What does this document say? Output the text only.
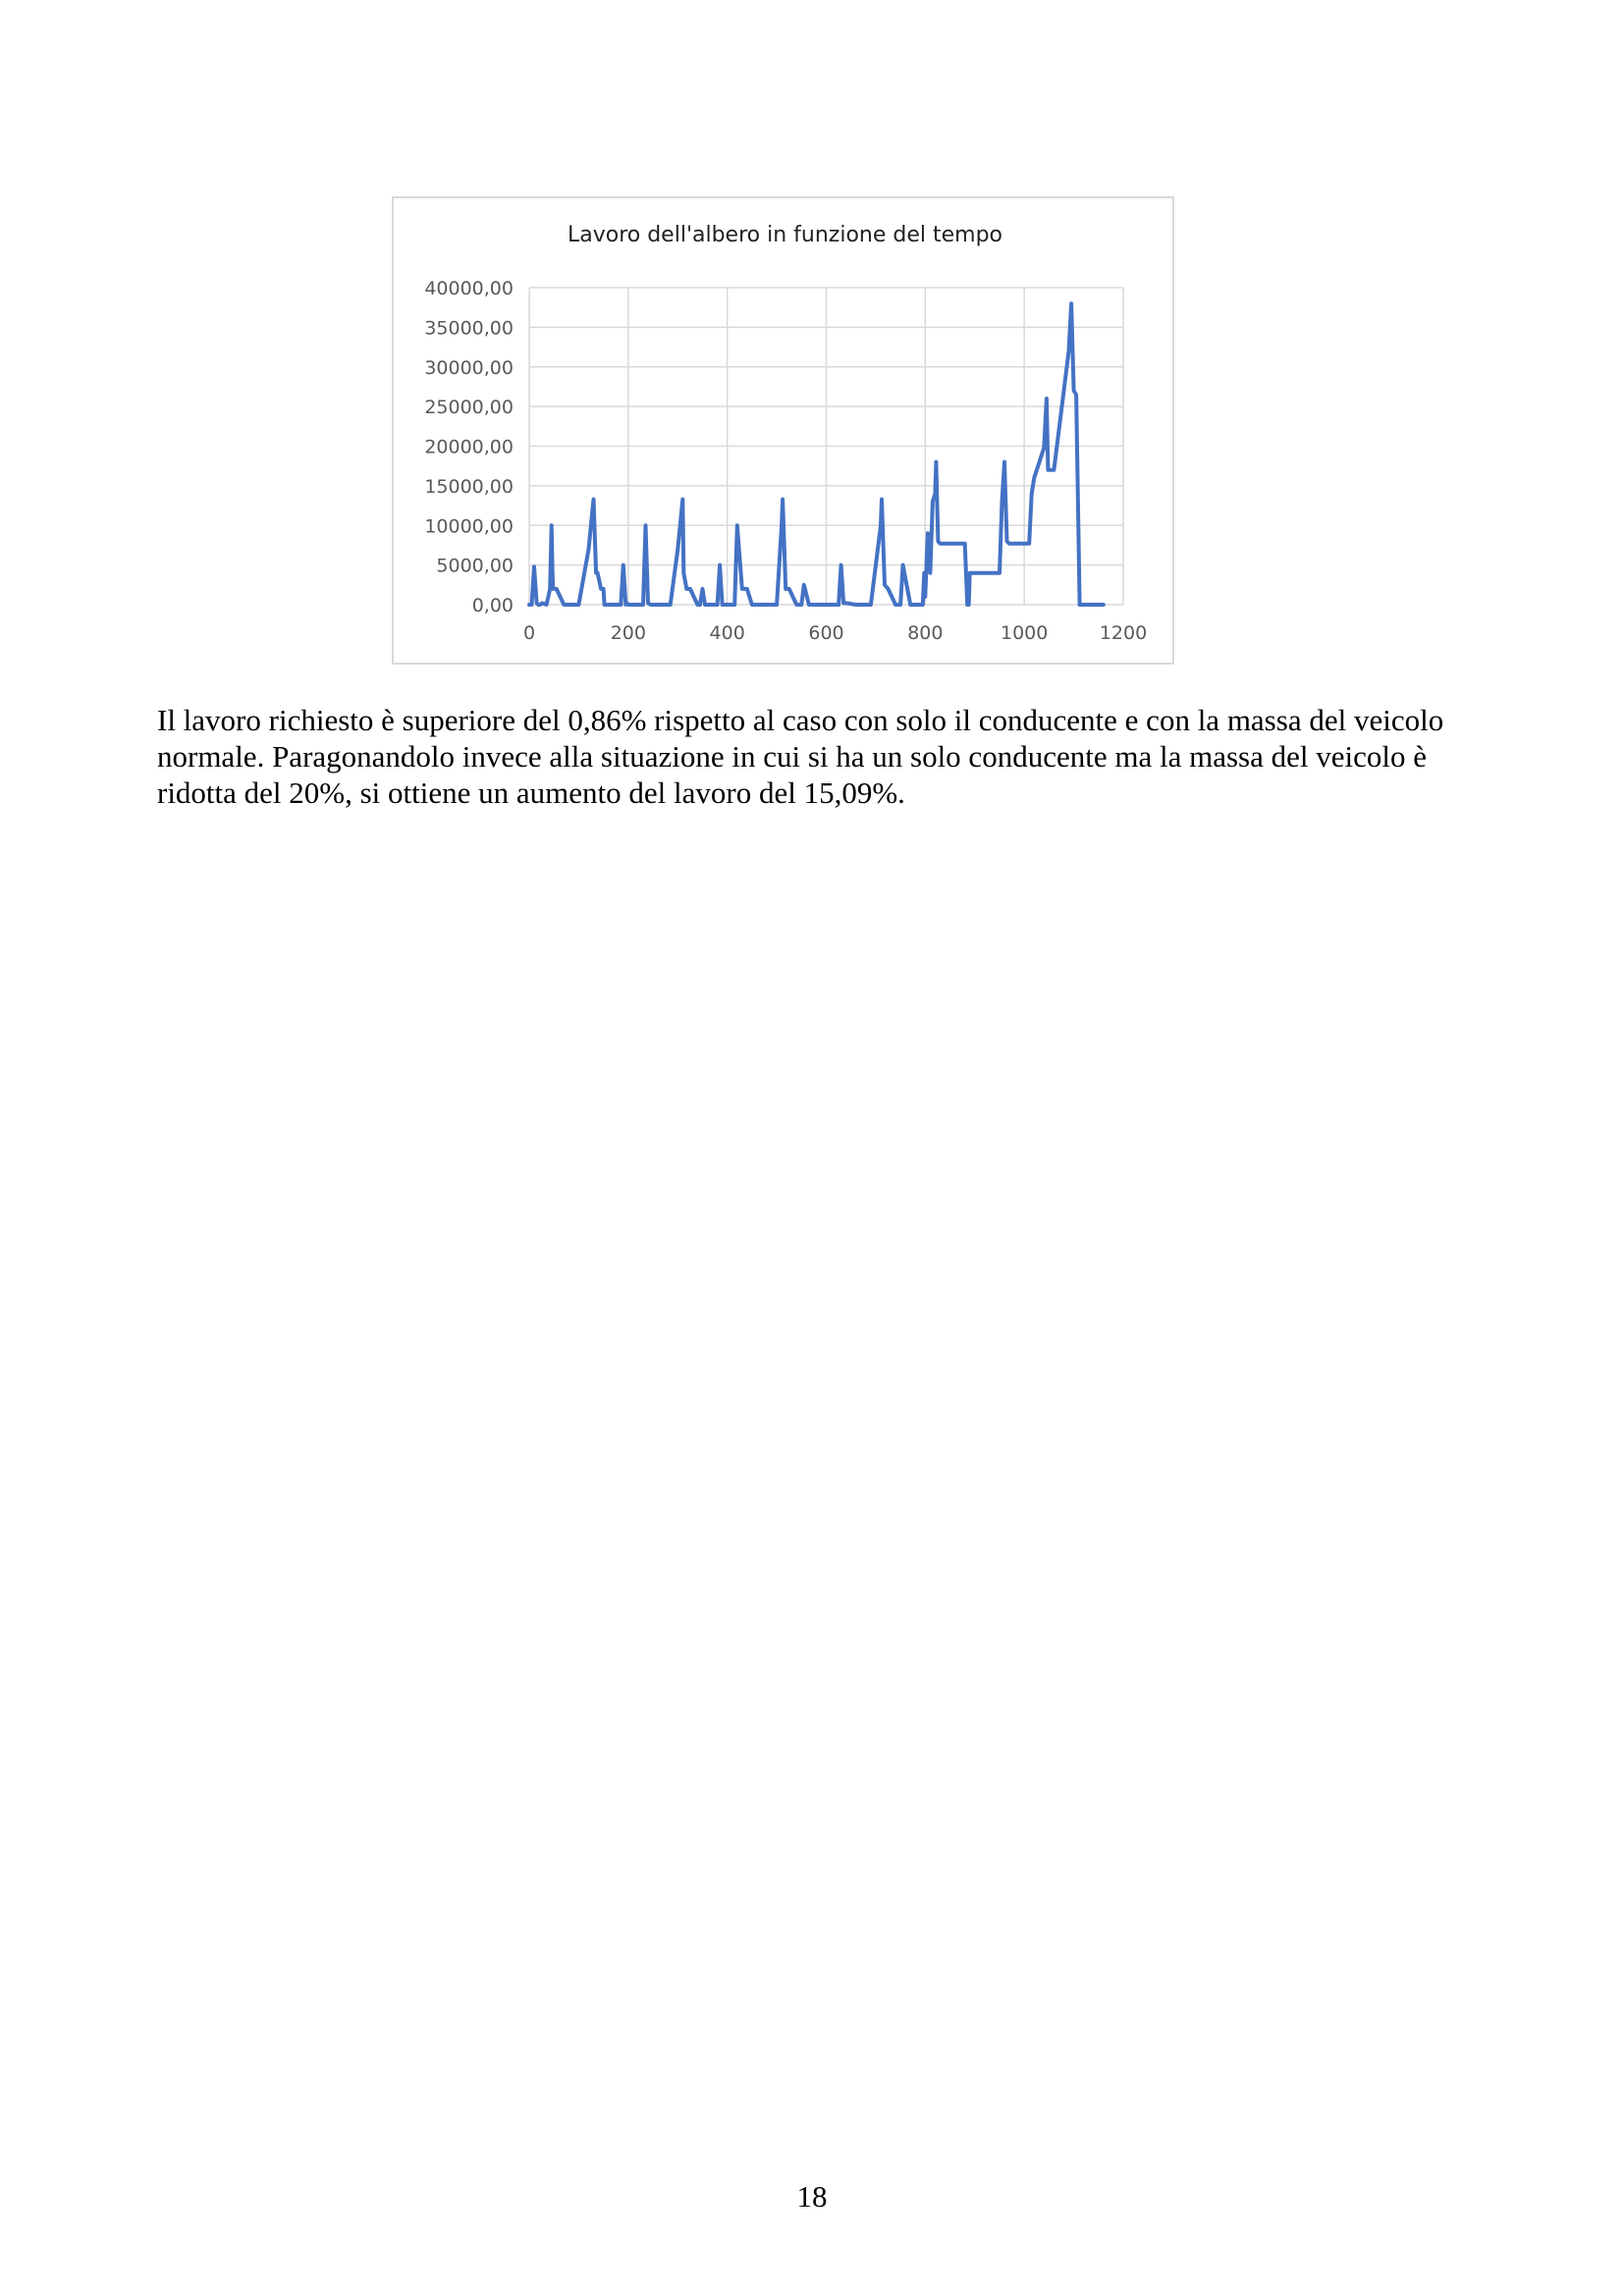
Lavoro dell'albero in funzione del tempo
0,00
5000,00
10000,00
15000,00
20000,00
25000,00
30000,00
35000,00
40000,00
0	200	400	600	800	1000	1200

Il lavoro richiesto è superiore del 0,86% rispetto al caso con solo il conducente e con la massa del veicolo normale. Paragonandolo invece alla situazione in cui si ha un solo conducente ma la massa del veicolo è ridotta del 20%, si ottiene un aumento del lavoro del 15,09%.

18
